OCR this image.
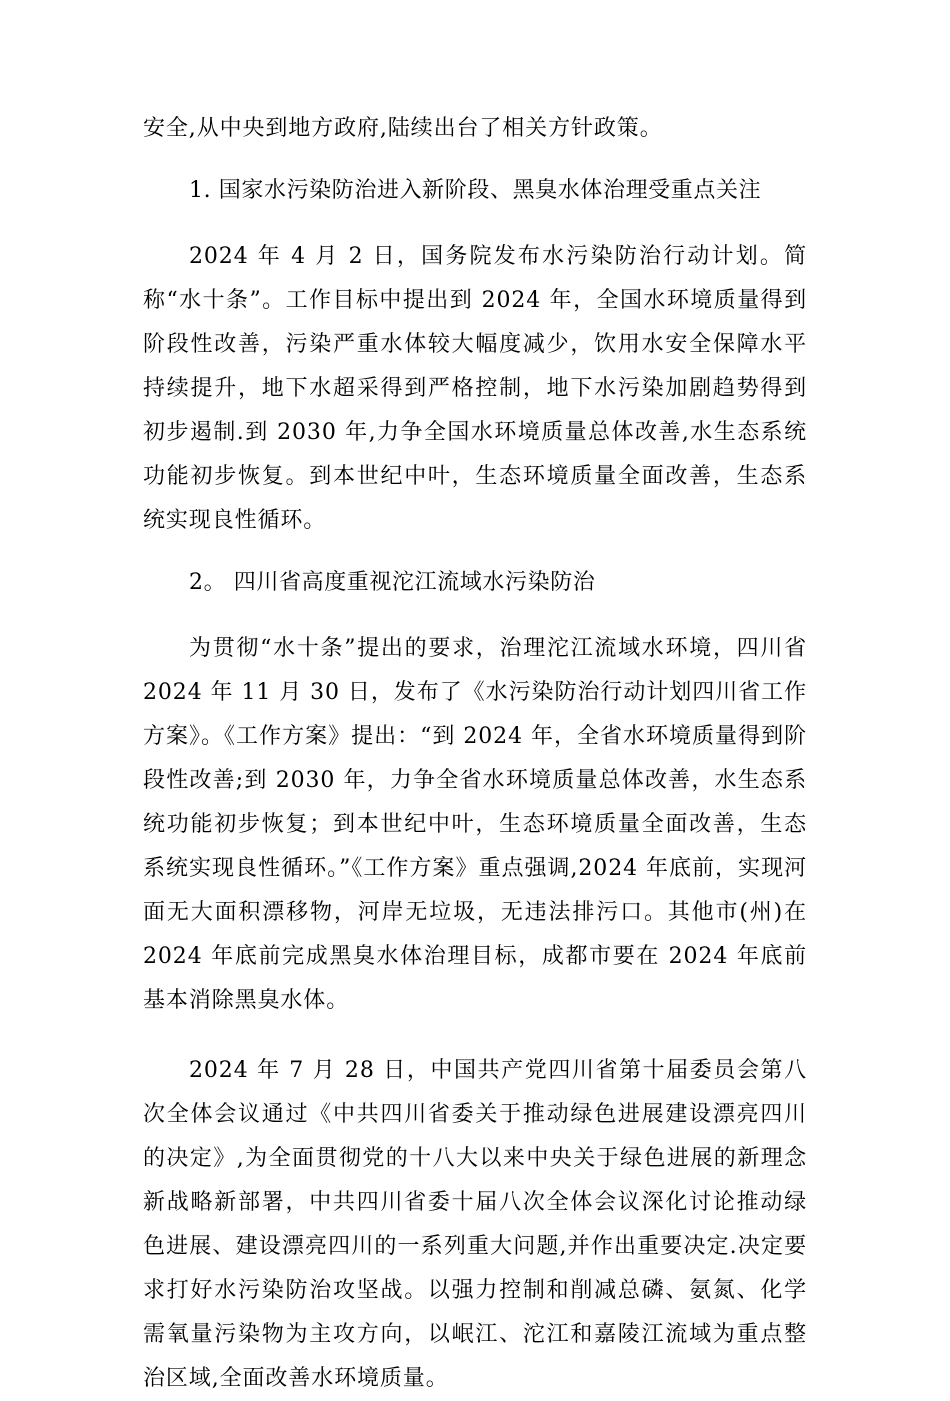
安全,从中央到地方政府,陆续出台了相关方针政策。

1. 国家水污染防治进入新阶段、黑臭水体治理受重点关注

2024 年 4 月 2 日，国务院发布水污染防治行动计划。简称“水十条”。工作目标中提出到 2024 年，全国水环境质量得到阶段性改善，污染严重水体较大幅度减少，饮用水安全保障水平持续提升，地下水超采得到严格控制，地下水污染加剧趋势得到初步遏制.到 2030 年,力争全国水环境质量总体改善,水生态系统功能初步恢复。到本世纪中叶，生态环境质量全面改善，生态系统实现良性循环。

2。 四川省高度重视沱江流域水污染防治

为贯彻“水十条”提出的要求，治理沱江流域水环境，四川省 2024 年 11 月 30 日，发布了《水污染防治行动计划四川省工作方案》。《工作方案》提出：“到 2024 年，全省水环境质量得到阶段性改善;到 2030 年，力争全省水环境质量总体改善，水生态系统功能初步恢复；到本世纪中叶，生态环境质量全面改善，生态系统实现良性循环。”《工作方案》重点强调,2024 年底前，实现河面无大面积漂移物，河岸无垃圾，无违法排污口。其他市(州)在 2024 年底前完成黑臭水体治理目标，成都市要在 2024 年底前基本消除黑臭水体。

2024 年 7 月 28 日，中国共产党四川省第十届委员会第八次全体会议通过《中共四川省委关于推动绿色进展建设漂亮四川的决定》,为全面贯彻党的十八大以来中央关于绿色进展的新理念新战略新部署，中共四川省委十届八次全体会议深化讨论推动绿色进展、建设漂亮四川的一系列重大问题,并作出重要决定.决定要求打好水污染防治攻坚战。以强力控制和削减总磷、氨氮、化学需氧量污染物为主攻方向，以岷江、沱江和嘉陵江流域为重点整治区域,全面改善水环境质量。
